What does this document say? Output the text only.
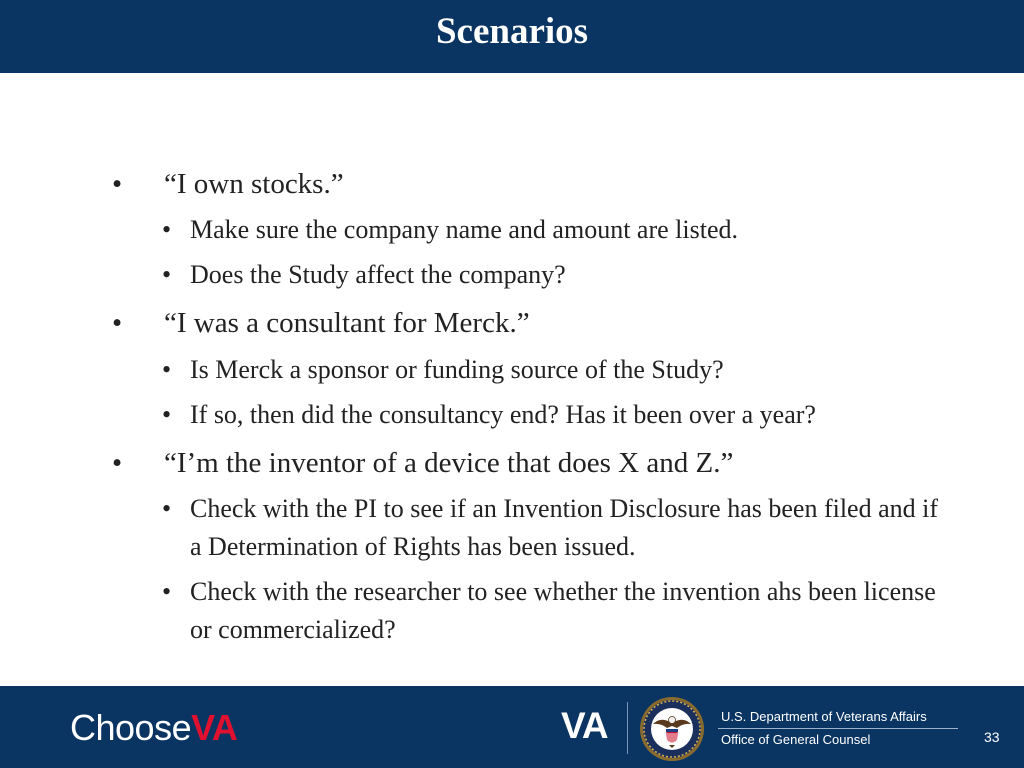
Scenarios
• “I own stocks.”
• Make sure the company name and amount are listed.
• Does the Study affect the company?
• “I was a consultant for Merck.”
• Is Merck a sponsor or funding source of the Study?
• If so, then did the consultancy end? Has it been over a year?
• “I’m the inventor of a device that does X and Z.”
• Check with the PI to see if an Invention Disclosure has been filed and if a Determination of Rights has been issued.
• Check with the researcher to see whether the invention ahs been license or commercialized?
ChooseVA	VA	U.S. Department of Veterans Affairs
Office of General Counsel	33
